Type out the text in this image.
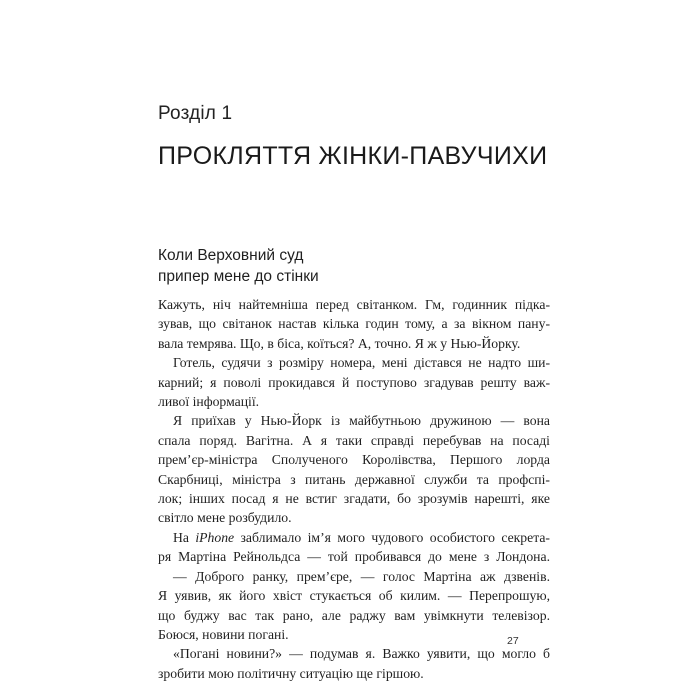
Розділ 1
ПРОКЛЯТТЯ ЖІНКИ-ПАВУЧИХИ
Коли Верховний суд
припер мене до стінки
Кажуть, ніч найтемніша перед світанком. Гм, годинник підка-
зував, що світанок настав кілька годин тому, а за вікном пану-
вала темрява. Що, в біса, коїться? А, точно. Я ж у Нью-Йорку.
Готель, судячи з розміру номера, мені дістався не надто ши-
карний; я поволі прокидався й поступово згадував решту важ-
ливої інформації.
Я приїхав у Нью-Йорк із майбутньою дружиною — вона
спала поряд. Вагітна. А я таки справді перебував на посаді
прем’єр-міністра Сполученого Королівства, Першого лорда
Скарбниці, міністра з питань державної служби та профспі-
лок; інших посад я не встиг згадати, бо зрозумів нарешті, яке
світло мене розбудило.
На iPhone заблимало ім’я мого чудового особистого секрета-
ря Мартіна Рейнольдса — той пробивався до мене з Лондона.
— Доброго ранку, прем’єре, — голос Мартіна аж дзвенів.
Я уявив, як його хвіст стукається об килим. — Перепрошую,
що буджу вас так рано, але раджу вам увімкнути телевізор.
Боюся, новини погані.
«Погані новини?» — подумав я. Важко уявити, що могло б
зробити мою політичну ситуацію ще гіршою.
27
